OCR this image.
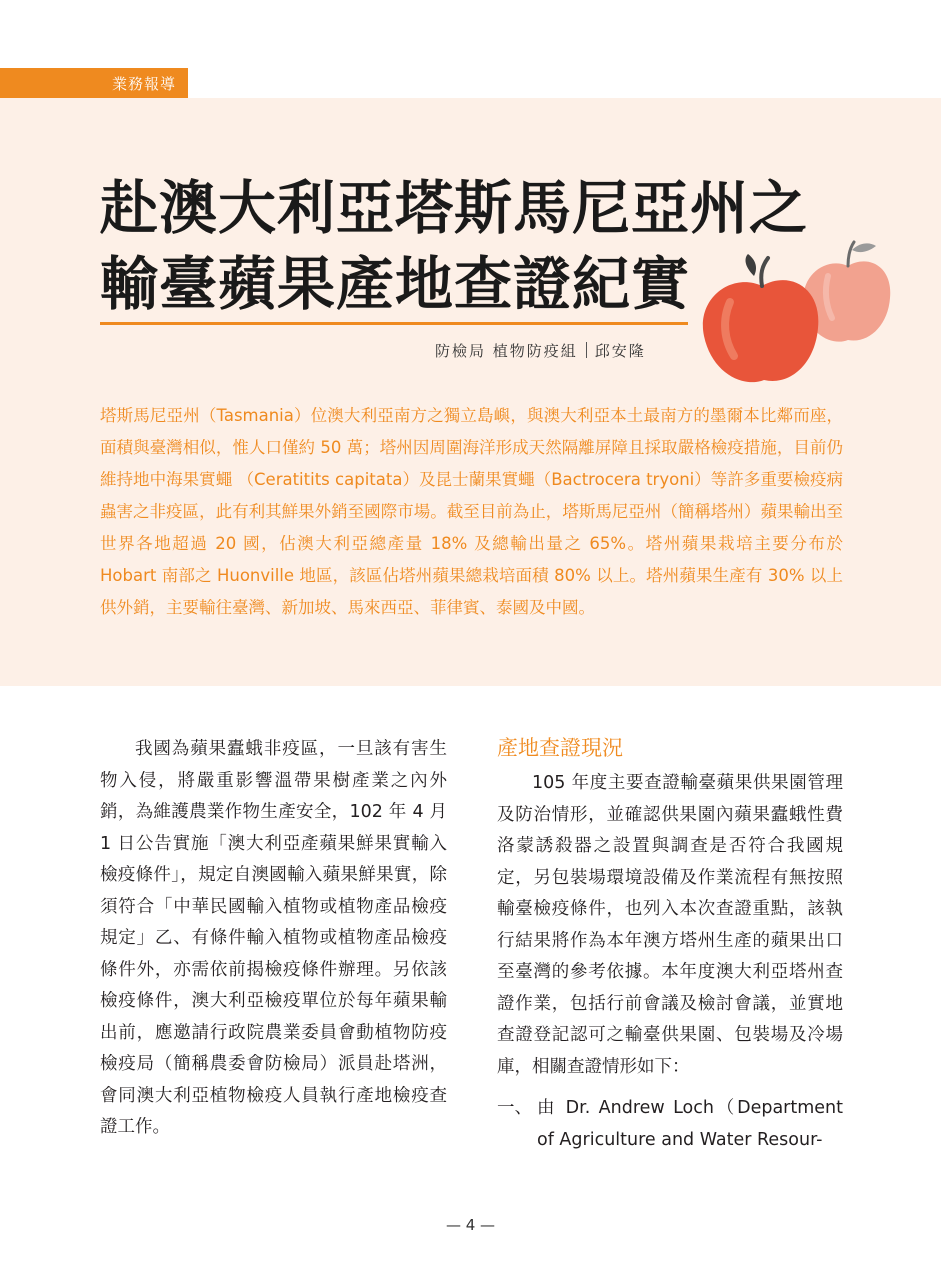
業務報導
赴澳大利亞塔斯馬尼亞州之
輸臺蘋果產地查證紀實
防檢局 植物防疫組 邱安隆

塔斯馬尼亞州（Tasmania）位澳大利亞南方之獨立島嶼，與澳大利亞本土最南方的墨爾本比鄰而座，面積與臺灣相似，惟人口僅約 50 萬；塔州因周圍海洋形成天然隔離屏障且採取嚴格檢疫措施，目前仍維持地中海果實蠅 （Ceratitits capitata）及昆士蘭果實蠅（Bactrocera tryoni）等許多重要檢疫病蟲害之非疫區，此有利其鮮果外銷至國際市場。截至目前為止，塔斯馬尼亞州（簡稱塔州）蘋果輸出至世界各地超過 20 國，佔澳大利亞總產量 18% 及總輸出量之 65%。塔州蘋果栽培主要分布於 Hobart 南部之 Huonville 地區，該區佔塔州蘋果總栽培面積 80% 以上。塔州蘋果生產有 30% 以上供外銷，主要輸往臺灣、新加坡、馬來西亞、菲律賓、泰國及中國。

我國為蘋果蠹蛾非疫區，一旦該有害生物入侵，將嚴重影響溫帶果樹產業之內外銷，為維護農業作物生產安全，102 年 4 月 1 日公告實施「澳大利亞產蘋果鮮果實輸入檢疫條件」，規定自澳國輸入蘋果鮮果實，除須符合「中華民國輸入植物或植物產品檢疫規定」乙、有條件輸入植物或植物產品檢疫條件外，亦需依前揭檢疫條件辦理。另依該檢疫條件，澳大利亞檢疫單位於每年蘋果輸出前，應邀請行政院農業委員會動植物防疫檢疫局（簡稱農委會防檢局）派員赴塔洲，會同澳大利亞植物檢疫人員執行產地檢疫查證工作。

產地查證現況

105 年度主要查證輸臺蘋果供果園管理及防治情形，並確認供果園內蘋果蠹蛾性費洛蒙誘殺器之設置與調查是否符合我國規定，另包裝場環境設備及作業流程有無按照輸臺檢疫條件，也列入本次查證重點，該執行結果將作為本年澳方塔州生產的蘋果出口至臺灣的參考依據。本年度澳大利亞塔州查證作業，包括行前會議及檢討會議，並實地查證登記認可之輸臺供果園、包裝場及冷場庫，相關查證情形如下：

一、 由 Dr. Andrew Loch（Department of Agriculture and Water Resour-
— 4 —
